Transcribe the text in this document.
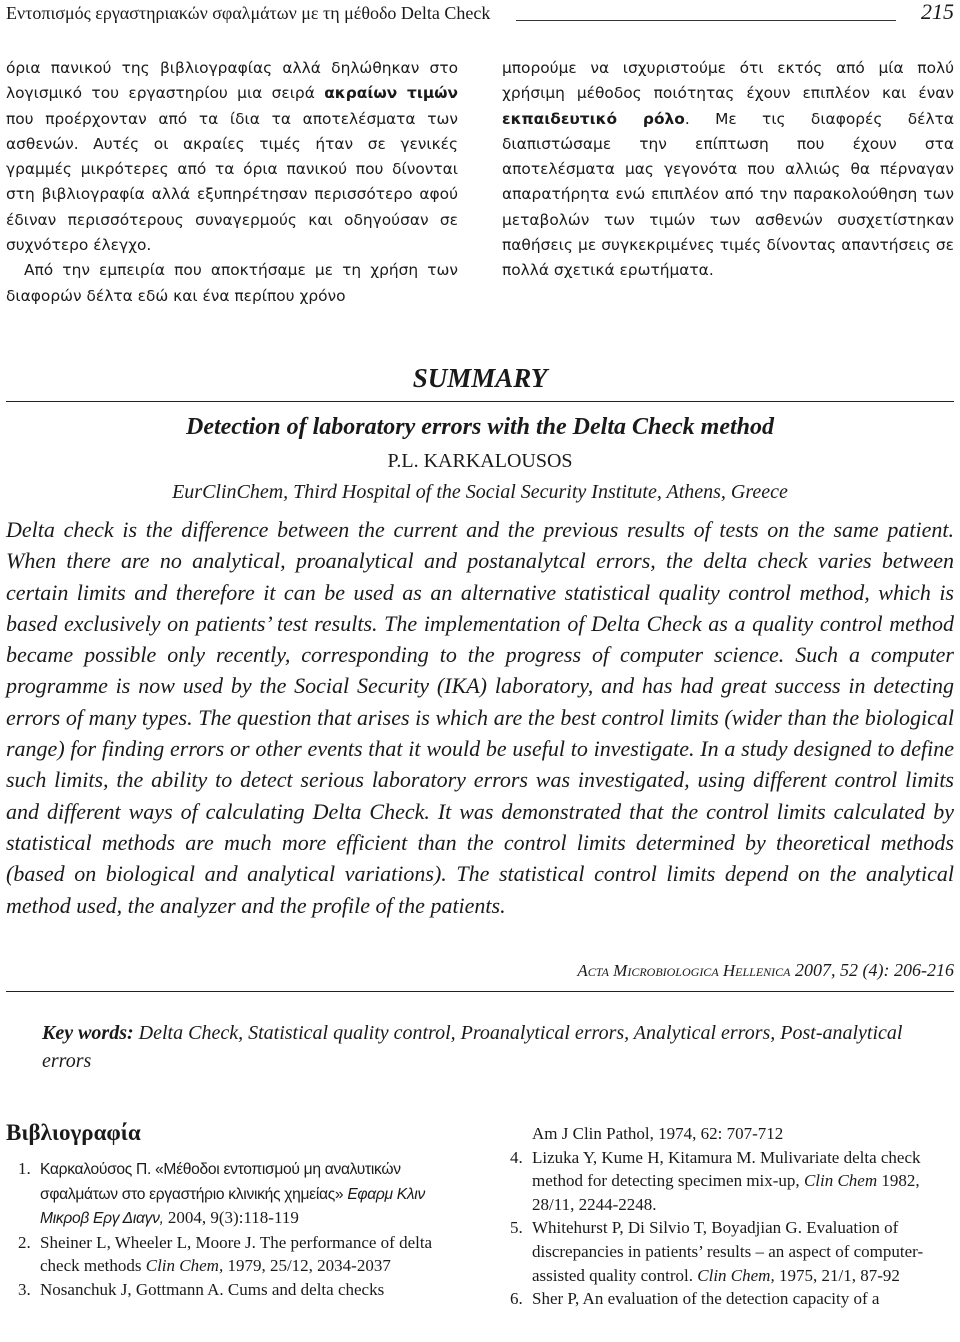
Εντοπισμός εργαστηριακών σφαλμάτων με τη μέθοδο Delta Check	215

όρια πανικού της βιβλιογραφίας αλλά δηλώθηκαν στο λογισμικό του εργαστηρίου μια σειρά ακραίων τιμών που προέρχονταν από τα ίδια τα αποτελέσματα των ασθενών. Αυτές οι ακραίες τιμές ήταν σε γενικές γραμμές μικρότερες από τα όρια πανικού που δίνονται στη βιβλιογραφία αλλά εξυπηρέτησαν περισσότερο αφού έδιναν περισσότερους συναγερμούς και οδηγούσαν σε συχνότερο έλεγχο.

Από την εμπειρία που αποκτήσαμε με τη χρήση των διαφορών δέλτα εδώ και ένα περίπου χρόνο

μπορούμε να ισχυριστούμε ότι εκτός από μία πολύ χρήσιμη μέθοδος ποιότητας έχουν επιπλέον και έναν εκπαιδευτικό ρόλο. Με τις διαφορές δέλτα διαπιστώσαμε την επίπτωση που έχουν στα αποτελέσματα μας γεγονότα που αλλιώς θα πέρναγαν απαρατήρητα ενώ επιπλέον από την παρακολούθηση των μεταβολών των τιμών των ασθενών συσχετίστηκαν παθήσεις με συγκεκριμένες τιμές δίνοντας απαντήσεις σε πολλά σχετικά ερωτήματα.

SUMMARY
Detection of laboratory errors with the Delta Check method
P.L. KARKALOUSOS
EurClinChem, Third Hospital of the Social Security Institute, Athens, Greece

Delta check is the difference between the current and the previous results of tests on the same patient. When there are no analytical, proanalytical and postanalytcal errors, the delta check varies between certain limits and therefore it can be used as an alternative statistical quality control method, which is based exclusively on patients’ test results. The implementation of Delta Check as a quality control method became possible only recently, corresponding to the progress of computer science. Such a computer programme is now used by the Social Security (IKA) laboratory, and has had great success in detecting errors of many types. The question that arises is which are the best control limits (wider than the biological range) for finding errors or other events that it would be useful to investigate. In a study designed to define such limits, the ability to detect serious laboratory errors was investigated, using different control limits and different ways of calculating Delta Check. It was demonstrated that the control limits calculated by statistical methods are much more efficient than the control limits determined by theoretical methods (based on biological and analytical variations). The statistical control limits depend on the analytical method used, the analyzer and the profile of the patients.

Acta Microbiologica Hellenica 2007, 52 (4): 206-216
Key words: Delta Check, Statistical quality control, Proanalytical errors, Analytical errors, Post-analytical errors
Βιβλιογραφία
1. Καρκαλούσος Π. «Μέθοδοι εντοπισμού μη αναλυτικών σφαλμάτων στο εργαστήριο κλινικής χημείας» Εφαρμ Κλιν Μικροβ Εργ Διαγν, 2004, 9(3):118-119
2. Sheiner L, Wheeler L, Moore J. The performance of delta check methods Clin Chem, 1979, 25/12, 2034-2037
3. Nosanchuk J, Gottmann A. Cums and delta checks
Am J Clin Pathol, 1974, 62: 707-712
4. Lizuka Y, Kume H, Kitamura M. Mulivariate delta check method for detecting specimen mix-up, Clin Chem 1982, 28/11, 2244-2248.
5. Whitehurst P, Di Silvio T, Boyadjian G. Evaluation of discrepancies in patients’ results – an aspect of computer-assisted quality control. Clin Chem, 1975, 21/1, 87-92
6. Sher P, An evaluation of the detection capacity of a
